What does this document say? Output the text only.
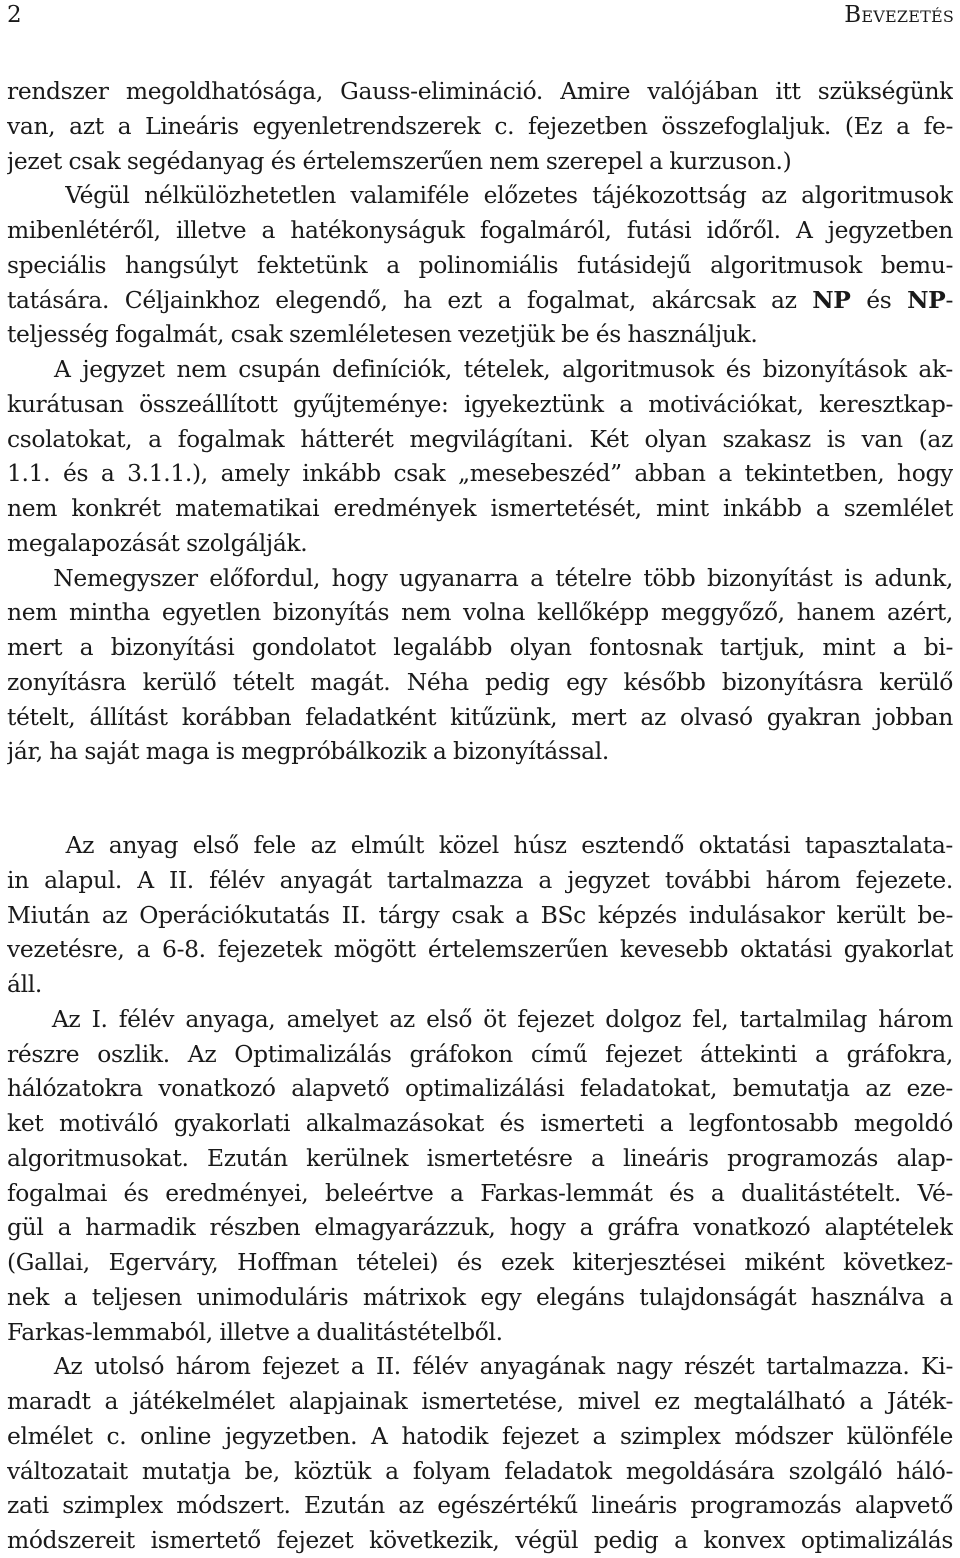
2	Bevezetés
rendszer megoldhatósága, Gauss-elimináció. Amire valójában itt szükségünk
van, azt a Lineáris egyenletrendszerek c. fejezetben összefoglaljuk. (Ez a fe-
jezet csak segédanyag és értelemszerűen nem szerepel a kurzuson.)
Végül nélkülözhetetlen valamiféle előzetes tájékozottság az algoritmusok
mibenlétéről, illetve a hatékonyságuk fogalmáról, futási időről. A jegyzetben
speciális hangsúlyt fektetünk a polinomiális futásidejű algoritmusok bemu-
tatására. Céljainkhoz elegendő, ha ezt a fogalmat, akárcsak az NP és NP-
teljesség fogalmát, csak szemléletesen vezetjük be és használjuk.
A jegyzet nem csupán definíciók, tételek, algoritmusok és bizonyítások ak-
kurátusan összeállított gyűjteménye: igyekeztünk a motivációkat, keresztkap-
csolatokat, a fogalmak hátterét megvilágítani. Két olyan szakasz is van (az
1.1. és a 3.1.1.), amely inkább csak „mesebeszéd” abban a tekintetben, hogy
nem konkrét matematikai eredmények ismertetését, mint inkább a szemlélet
megalapozását szolgálják.
Nemegyszer előfordul, hogy ugyanarra a tételre több bizonyítást is adunk,
nem mintha egyetlen bizonyítás nem volna kellőképp meggyőző, hanem azért,
mert a bizonyítási gondolatot legalább olyan fontosnak tartjuk, mint a bi-
zonyításra kerülő tételt magát. Néha pedig egy később bizonyításra kerülő
tételt, állítást korábban feladatként kitűzünk, mert az olvasó gyakran jobban
jár, ha saját maga is megpróbálkozik a bizonyítással.
Az anyag első fele az elmúlt közel húsz esztendő oktatási tapasztalata-
in alapul. A II. félév anyagát tartalmazza a jegyzet további három fejezete.
Miután az Operációkutatás II. tárgy csak a BSc képzés indulásakor került be-
vezetésre, a 6-8. fejezetek mögött értelemszerűen kevesebb oktatási gyakorlat
áll.
Az I. félév anyaga, amelyet az első öt fejezet dolgoz fel, tartalmilag három
részre oszlik. Az Optimalizálás gráfokon című fejezet áttekinti a gráfokra,
hálózatokra vonatkozó alapvető optimalizálási feladatokat, bemutatja az eze-
ket motiváló gyakorlati alkalmazásokat és ismerteti a legfontosabb megoldó
algoritmusokat. Ezután kerülnek ismertetésre a lineáris programozás alap-
fogalmai és eredményei, beleértve a Farkas-lemmát és a dualitástételt. Vé-
gül a harmadik részben elmagyarázzuk, hogy a gráfra vonatkozó alaptételek
(Gallai, Egerváry, Hoffman tételei) és ezek kiterjesztései miként következ-
nek a teljesen unimoduláris mátrixok egy elegáns tulajdonságát használva a
Farkas-lemmaból, illetve a dualitástételből.
Az utolsó három fejezet a II. félév anyagának nagy részét tartalmazza. Ki-
maradt a játékelmélet alapjainak ismertetése, mivel ez megtalálható a Játék-
elmélet c. online jegyzetben. A hatodik fejezet a szimplex módszer különféle
változatait mutatja be, köztük a folyam feladatok megoldására szolgáló háló-
zati szimplex módszert. Ezután az egészértékű lineáris programozás alapvető
módszereit ismertető fejezet következik, végül pedig a konvex optimalizálás
